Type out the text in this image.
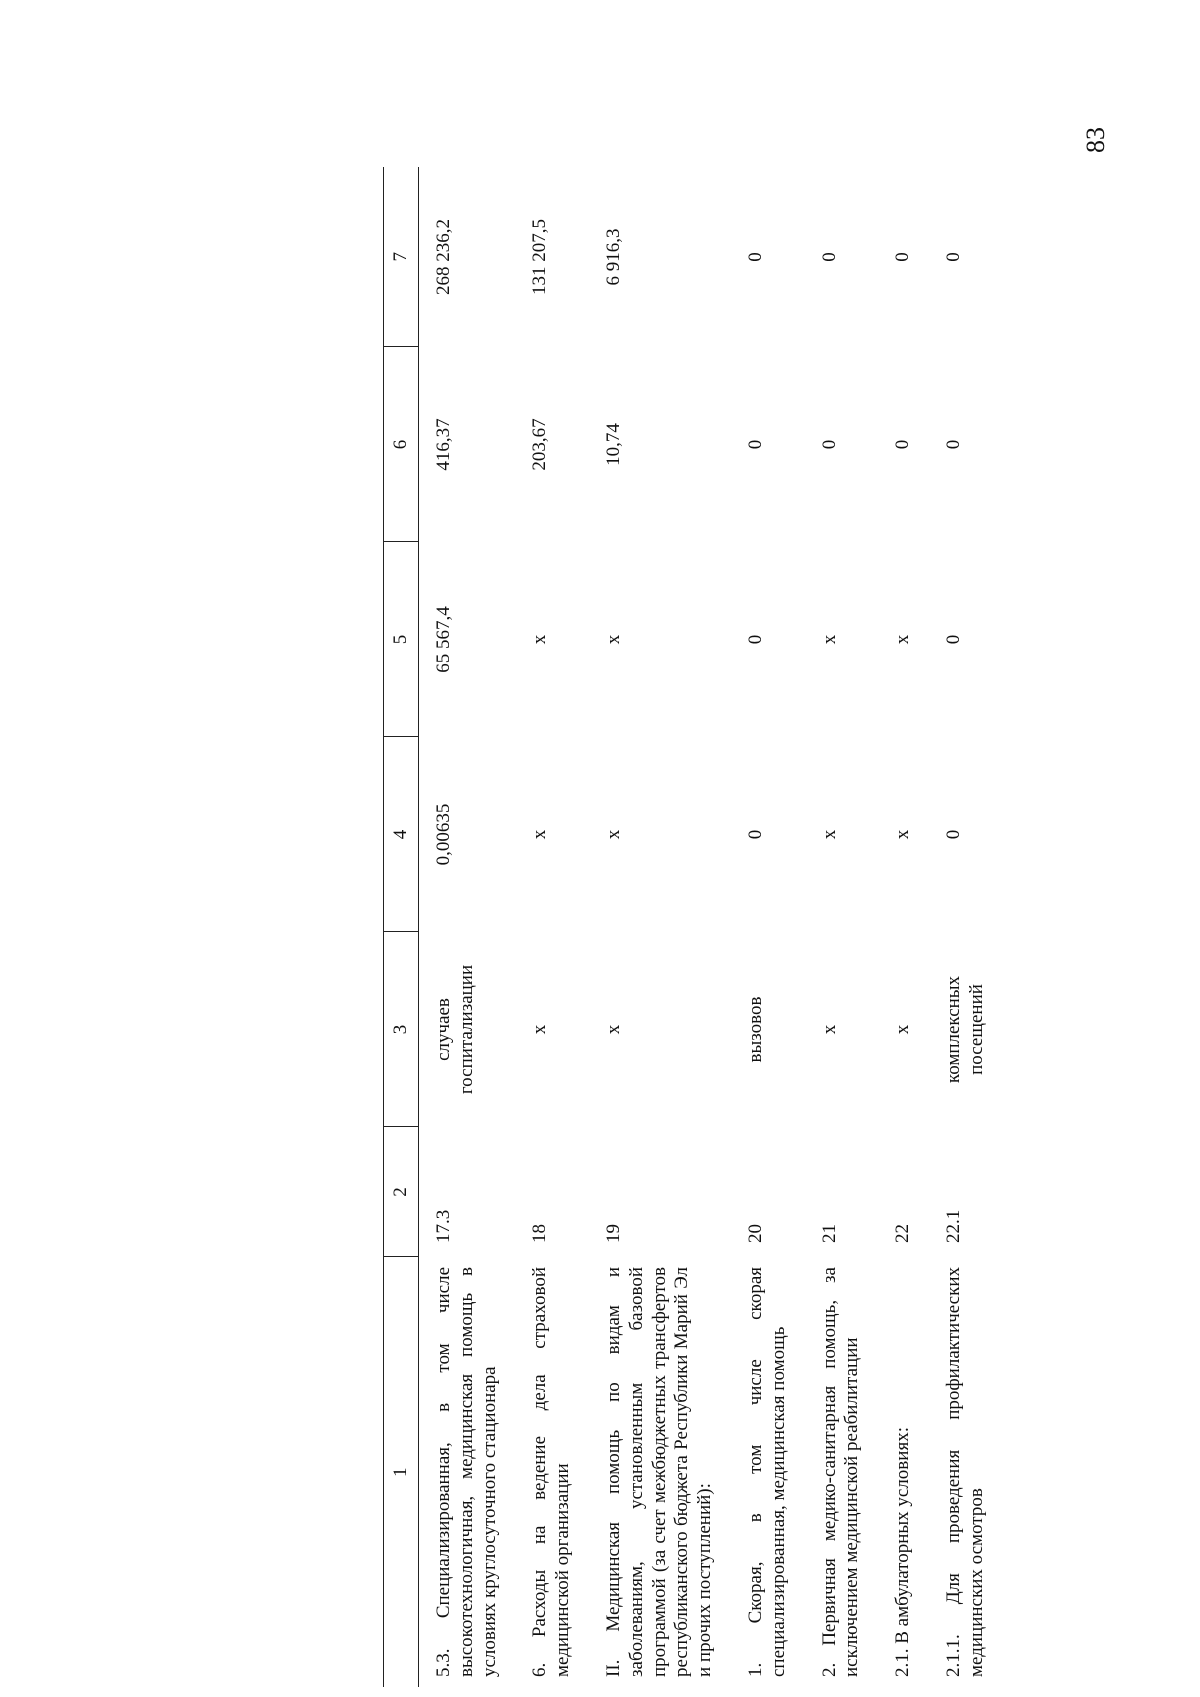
83
1	2	3	4	5	6	7
5.3. Специализированная, в том числе высокотехнологичная, медицинская помощь в условиях круглосуточного стационара	17.3	случаев госпитализации	0,00635	65 567,4	416,37	268 236,2
6. Расходы на ведение дела страховой медицинской организации	18	х	х	х	203,67	131 207,5
II. Медицинская помощь по видам и заболеваниям, установленным базовой программой (за счет межбюджетных трансфертов республиканского бюджета Республики Марий Эл и прочих поступлений):	19	х	х	х	10,74	6 916,3
1. Скорая, в том числе скорая специализированная, медицинская помощь	20	вызовов	0	0	0	0
2. Первичная медико-санитарная помощь, за исключением медицинской реабилитации	21	х	х	х	0	0
2.1. В амбулаторных условиях:	22	х	х	х	0	0
2.1.1. Для проведения профилактических медицинских осмотров	22.1	комплексных посещений	0	0	0	0
